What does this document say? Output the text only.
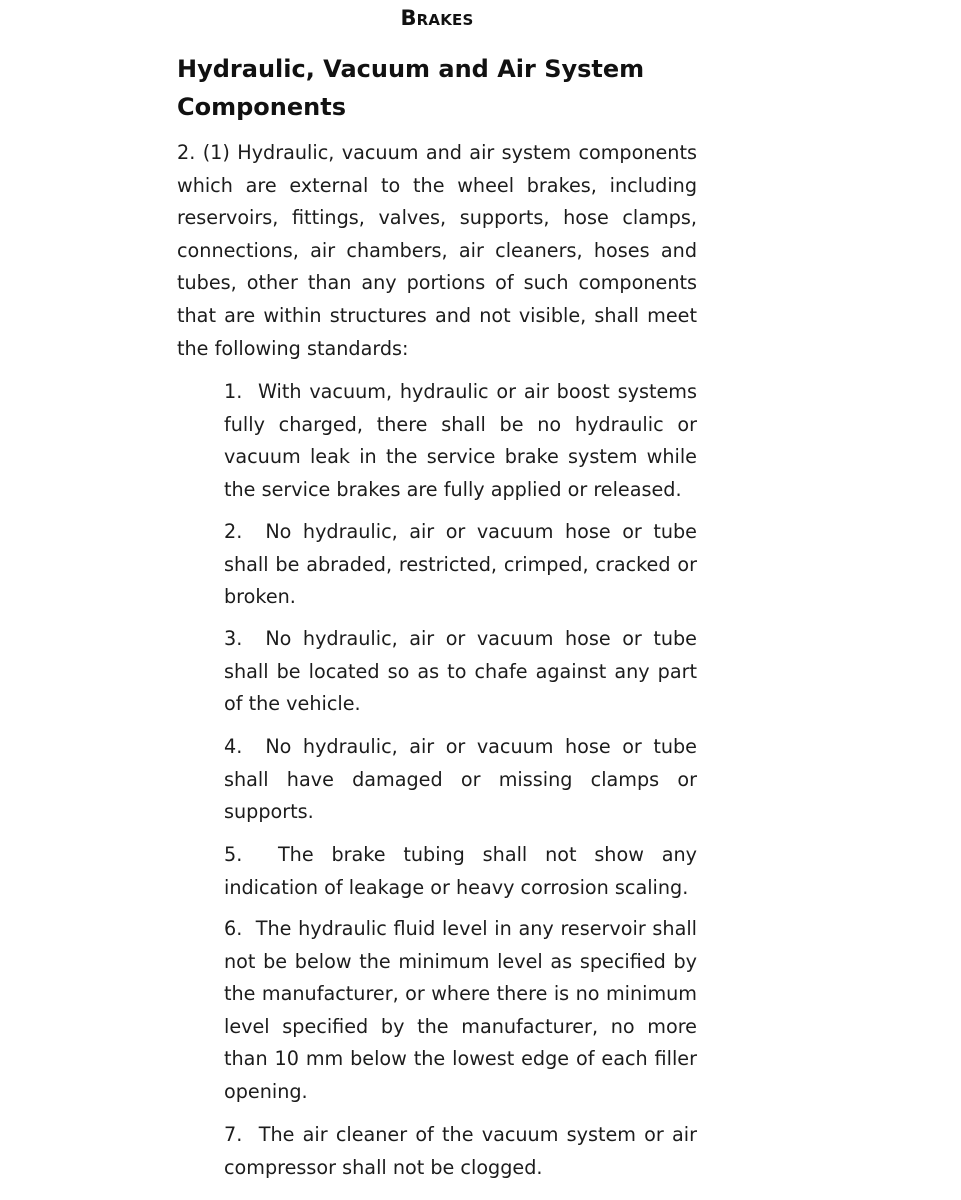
Brakes
Hydraulic, Vacuum and Air System Components

2. (1) Hydraulic, vacuum and air system components which are external to the wheel brakes, including reservoirs, fittings, valves, supports, hose clamps, connections, air chambers, air cleaners, hoses and tubes, other than any portions of such components that are within structures and not visible, shall meet the following standards:

1. With vacuum, hydraulic or air boost systems fully charged, there shall be no hydraulic or vacuum leak in the service brake system while the service brakes are fully applied or released.
2. No hydraulic, air or vacuum hose or tube shall be abraded, restricted, crimped, cracked or broken.
3. No hydraulic, air or vacuum hose or tube shall be located so as to chafe against any part of the vehicle.
4. No hydraulic, air or vacuum hose or tube shall have damaged or missing clamps or supports.
5. The brake tubing shall not show any indication of leakage or heavy corrosion scaling.
6. The hydraulic fluid level in any reservoir shall not be below the minimum level as specified by the manufacturer, or where there is no minimum level specified by the manufacturer, no more than 10 mm below the lowest edge of each filler opening.
7. The air cleaner of the vacuum system or air compressor shall not be clogged.
